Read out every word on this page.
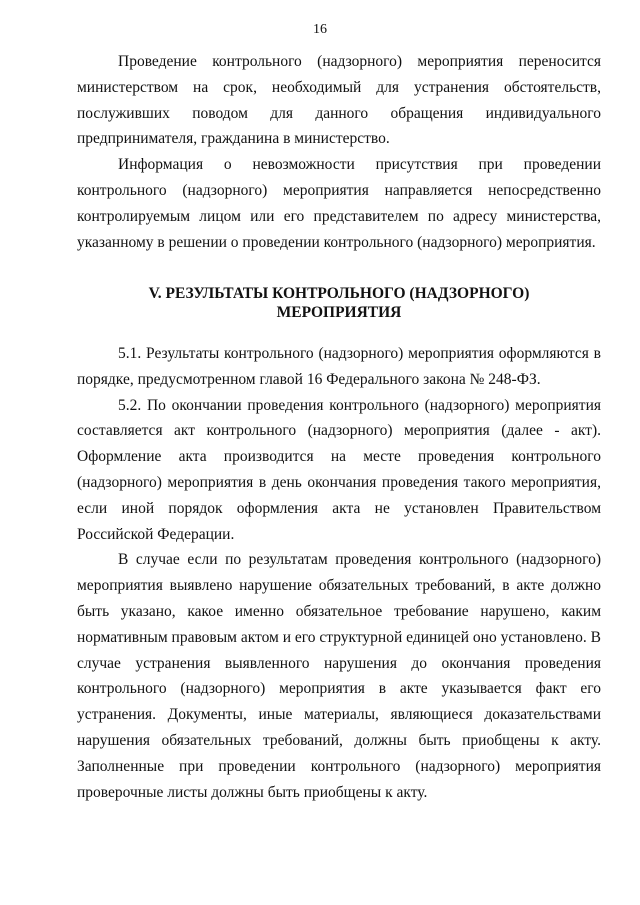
16

Проведение контрольного (надзорного) мероприятия переносится министерством на срок, необходимый для устранения обстоятельств, послуживших поводом для данного обращения индивидуального предпринимателя, гражданина в министерство.

Информация о невозможности присутствия при проведении контрольного (надзорного) мероприятия направляется непосредственно контролируемым лицом или его представителем по адресу министерства, указанному в решении о проведении контрольного (надзорного) мероприятия.

V. РЕЗУЛЬТАТЫ КОНТРОЛЬНОГО (НАДЗОРНОГО)
МЕРОПРИЯТИЯ

5.1. Результаты контрольного (надзорного) мероприятия оформляются в порядке, предусмотренном главой 16 Федерального закона № 248-ФЗ.

5.2. По окончании проведения контрольного (надзорного) мероприятия составляется акт контрольного (надзорного) мероприятия (далее - акт). Оформление акта производится на месте проведения контрольного (надзорного) мероприятия в день окончания проведения такого мероприятия, если иной порядок оформления акта не установлен Правительством Российской Федерации.

В случае если по результатам проведения контрольного (надзорного) мероприятия выявлено нарушение обязательных требований, в акте должно быть указано, какое именно обязательное требование нарушено, каким нормативным правовым актом и его структурной единицей оно установлено. В случае устранения выявленного нарушения до окончания проведения контрольного (надзорного) мероприятия в акте указывается факт его устранения. Документы, иные материалы, являющиеся доказательствами нарушения обязательных требований, должны быть приобщены к акту. Заполненные при проведении контрольного (надзорного) мероприятия проверочные листы должны быть приобщены к акту.
